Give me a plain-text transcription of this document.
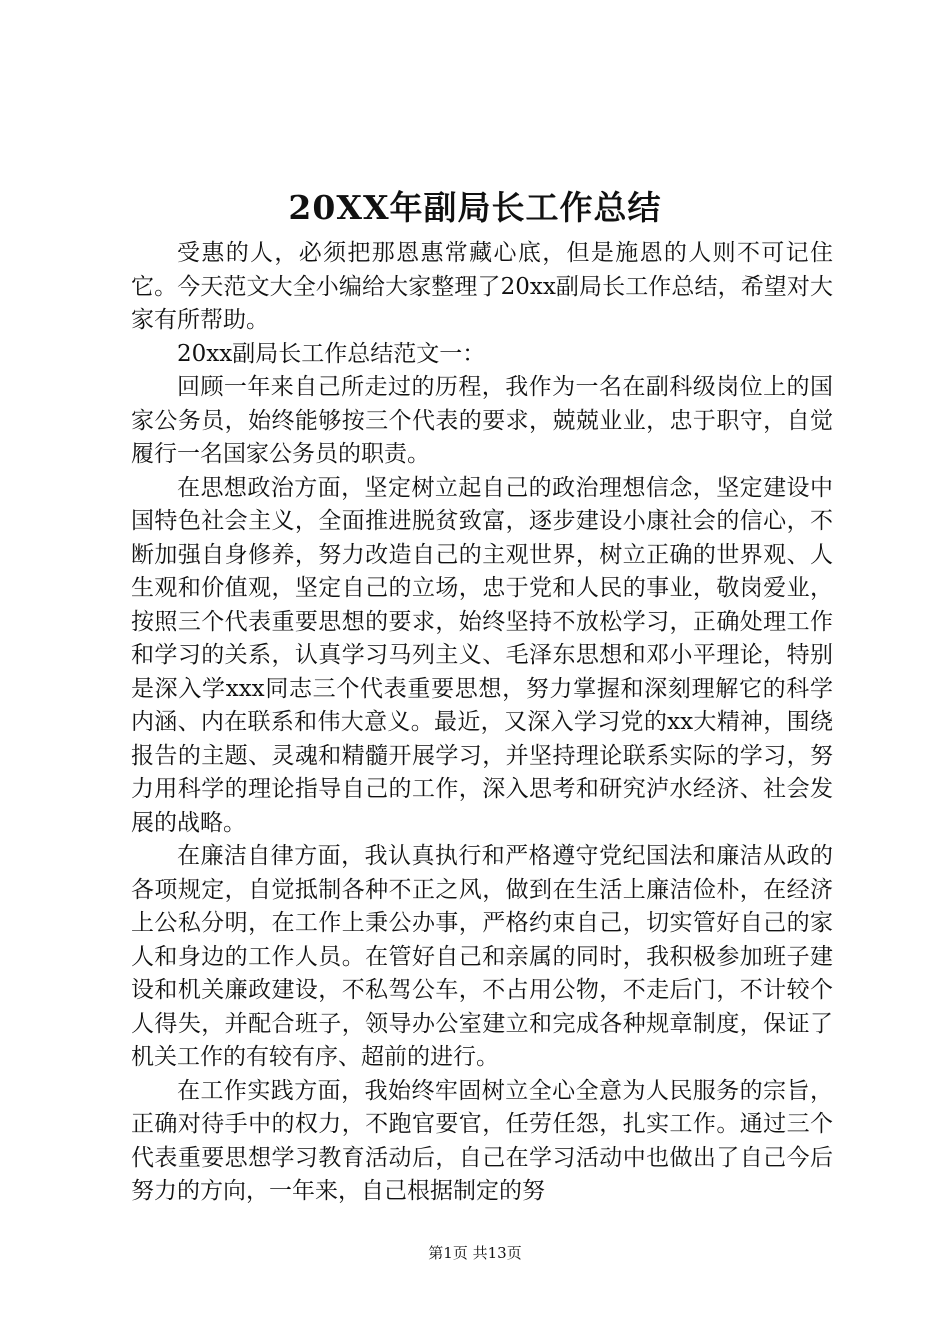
20XX年副局长工作总结

受惠的人，必须把那恩惠常藏心底，但是施恩的人则不可记住它。今天范文大全小编给大家整理了20xx副局长工作总结，希望对大家有所帮助。

20xx副局长工作总结范文一：

回顾一年来自己所走过的历程，我作为一名在副科级岗位上的国家公务员，始终能够按三个代表的要求，兢兢业业，忠于职守，自觉履行一名国家公务员的职责。

在思想政治方面，坚定树立起自己的政治理想信念，坚定建设中国特色社会主义，全面推进脱贫致富，逐步建设小康社会的信心，不断加强自身修养，努力改造自己的主观世界，树立正确的世界观、人生观和价值观，坚定自己的立场，忠于党和人民的事业，敬岗爱业，按照三个代表重要思想的要求，始终坚持不放松学习，正确处理工作和学习的关系，认真学习马列主义、毛泽东思想和邓小平理论，特别是深入学xxx同志三个代表重要思想，努力掌握和深刻理解它的科学内涵、内在联系和伟大意义。最近，又深入学习党的xx大精神，围绕报告的主题、灵魂和精髓开展学习，并坚持理论联系实际的学习，努力用科学的理论指导自己的工作，深入思考和研究泸水经济、社会发展的战略。

在廉洁自律方面，我认真执行和严格遵守党纪国法和廉洁从政的各项规定，自觉抵制各种不正之风，做到在生活上廉洁俭朴，在经济上公私分明，在工作上秉公办事，严格约束自己，切实管好自己的家人和身边的工作人员。在管好自己和亲属的同时，我积极参加班子建设和机关廉政建设，不私驾公车，不占用公物，不走后门，不计较个人得失，并配合班子，领导办公室建立和完成各种规章制度，保证了机关工作的有较有序、超前的进行。

在工作实践方面，我始终牢固树立全心全意为人民服务的宗旨，正确对待手中的权力，不跑官要官，任劳任怨，扎实工作。通过三个代表重要思想学习教育活动后，自己在学习活动中也做出了自己今后努力的方向，一年来，自己根据制定的努

第1页 共13页
